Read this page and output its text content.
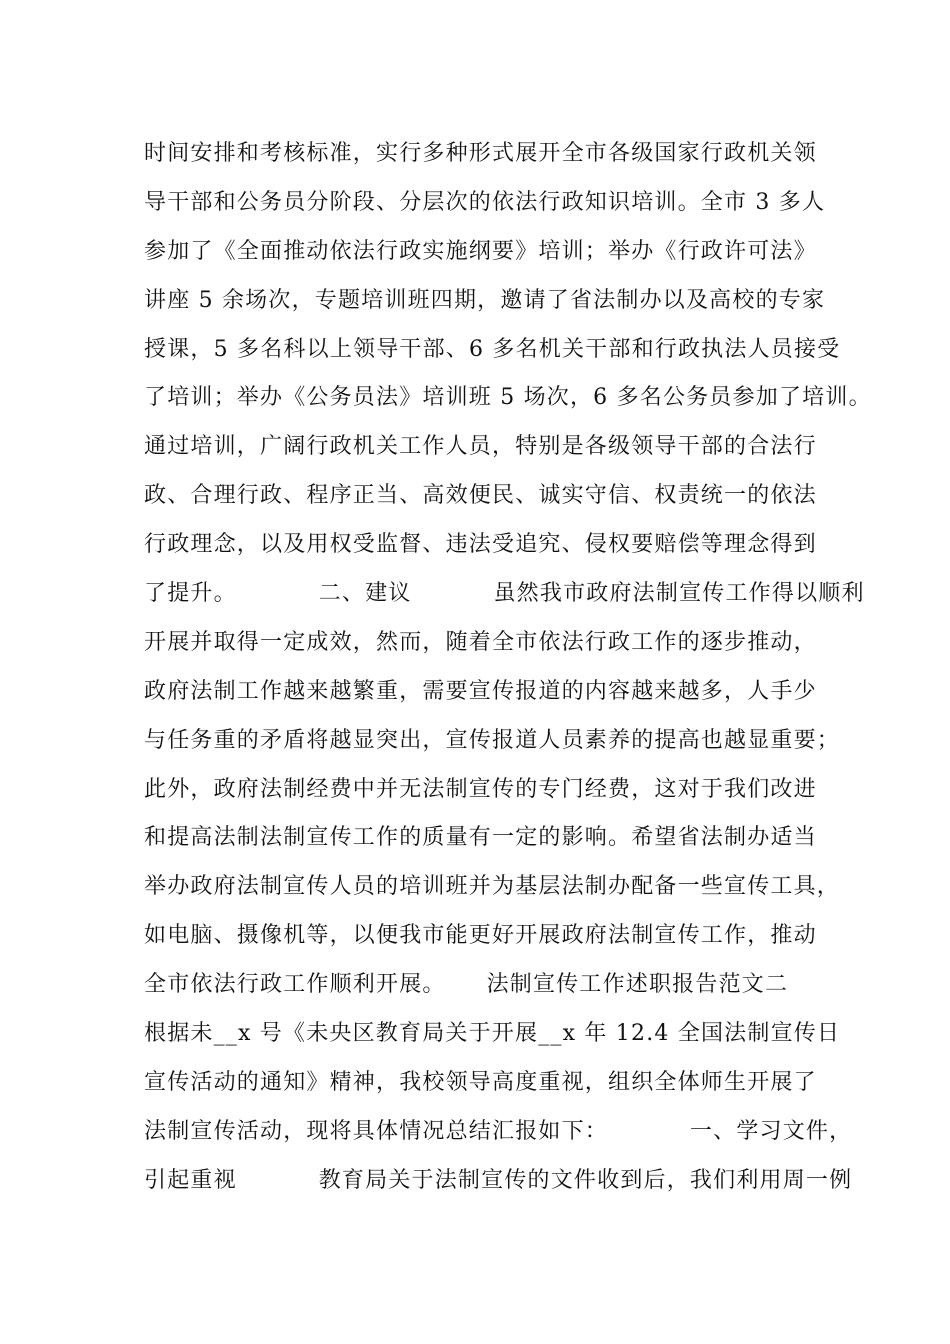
时间安排和考核标准，实行多种形式展开全市各级国家行政机关领
导干部和公务员分阶段、分层次的依法行政知识培训。全市 3 多人
参加了《全面推动依法行政实施纲要》培训；举办《行政许可法》
讲座 5 余场次，专题培训班四期，邀请了省法制办以及高校的专家
授课，5 多名科以上领导干部、6 多名机关干部和行政执法人员接受
了培训；举办《公务员法》培训班 5 场次，6 多名公务员参加了培训。
通过培训，广阔行政机关工作人员，特别是各级领导干部的合法行
政、合理行政、程序正当、高效便民、诚实守信、权责统一的依法
行政理念，以及用权受监督、违法受追究、侵权要赔偿等理念得到
了提升。          二、建议          虽然我市政府法制宣传工作得以顺利
开展并取得一定成效，然而，随着全市依法行政工作的逐步推动，
政府法制工作越来越繁重，需要宣传报道的内容越来越多，人手少
与任务重的矛盾将越显突出，宣传报道人员素养的提高也越显重要；
此外，政府法制经费中并无法制宣传的专门经费，这对于我们改进
和提高法制法制宣传工作的质量有一定的影响。希望省法制办适当
举办政府法制宣传人员的培训班并为基层法制办配备一些宣传工具，
如电脑、摄像机等，以便我市能更好开展政府法制宣传工作，推动
全市依法行政工作顺利开展。     法制宣传工作述职报告范文二
根据未__x 号《未央区教育局关于开展__x 年 12.4 全国法制宣传日
宣传活动的通知》精神，我校领导高度重视，组织全体师生开展了
法制宣传活动，现将具体情况总结汇报如下：          一、学习文件，
引起重视          教育局关于法制宣传的文件收到后，我们利用周一例
